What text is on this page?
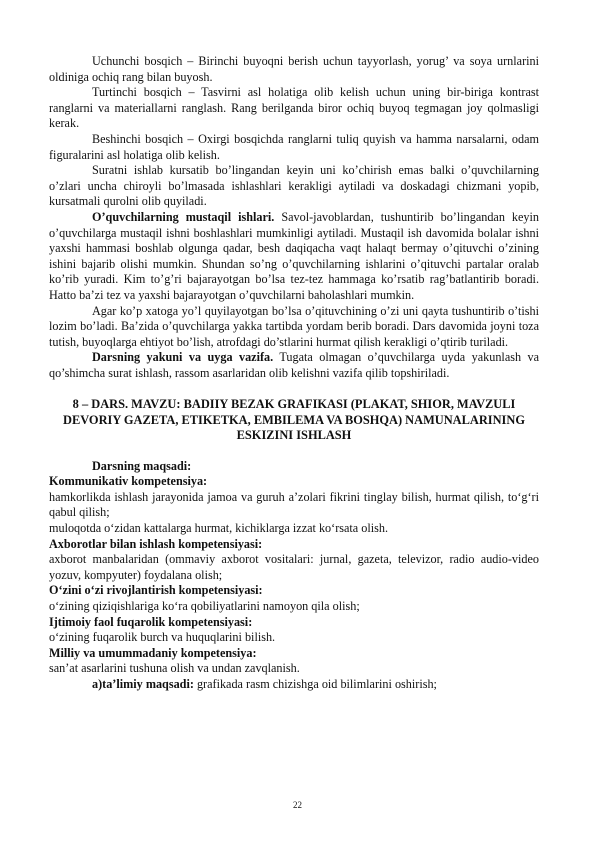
Uchunchi bosqich – Birinchi buyoqni berish uchun tayyorlash, yorug’ va soya urnlarini oldiniga ochiq rang bilan buyosh.

Turtinchi bosqich – Tasvirni asl holatiga olib kelish uchun uning bir-biriga kontrast ranglarni va materiallarni ranglash. Rang berilganda biror ochiq buyoq tegmagan joy qolmasligi kerak.

Beshinchi bosqich – Oxirgi bosqichda ranglarni tuliq quyish va hamma narsalarni, odam figuralarini asl holatiga olib kelish.

Suratni ishlab kursatib bo’lingandan keyin uni ko’chirish emas balki o’quvchilarning o’zlari uncha chiroyli bo’lmasada ishlashlari kerakligi aytiladi va doskadagi chizmani yopib, kursatmali qurolni olib quyiladi.

O’quvchilarning mustaqil ishlari. Savol-javoblardan, tushuntirib bo’lingandan keyin o’quvchilarga mustaqil ishni boshlashlari mumkinligi aytiladi. Mustaqil ish davomida bolalar ishni yaxshi hammasi boshlab olgunga qadar, besh daqiqacha vaqt halaqt bermay o’qituvchi o’zining ishini bajarib olishi mumkin. Shundan so’ng o’quvchilarning ishlarini o’qituvchi partalar oralab ko’rib yuradi. Kim to’g’ri bajarayotgan bo’lsa tez-tez hammaga ko’rsatib rag’batlantirib boradi. Hatto ba’zi tez va yaxshi bajarayotgan o’quvchilarni baholashlari mumkin.

Agar ko’p xatoga yo’l quyilayotgan bo’lsa o’qituvchining o’zi uni qayta tushuntirib o’tishi lozim bo’ladi. Ba’zida o’quvchilarga yakka tartibda yordam berib boradi. Dars davomida joyni toza tutish, buyoqlarga ehtiyot bo’lish, atrofdagi do’stlarini hurmat qilish kerakligi o’qtirib turiladi.

Darsning yakuni va uyga vazifa. Tugata olmagan o’quvchilarga uyda yakunlash va qo’shimcha surat ishlash, rassom asarlaridan olib kelishni vazifa qilib topshiriladi.

8 – DARS. MAVZU: BADIIY BEZAK GRAFIKASI (PLAKAT, SHIOR, MAVZULI DEVORIY GAZETA, ETIKETKA, EMBILEMA VA BOSHQA) NAMUNALARINING ESKIZINI ISHLASH

Darsning maqsadi:

Kommunikativ kompetensiya:

hamkorlikda ishlash jarayonida jamoa va guruh a’zolari fikrini tinglay bilish, hurmat qilish, to‘g‘ri qabul qilish;

muloqotda o‘zidan kattalarga hurmat, kichiklarga izzat ko‘rsata olish.

Axborotlar bilan ishlash kompetensiyasi:

axborot manbalaridan (ommaviy axborot vositalari: jurnal, gazeta, televizor, radio audio-video yozuv, kompyuter) foydalana olish;

O‘zini o‘zi rivojlantirish kompetensiyasi:

o‘zining qiziqishlariga ko‘ra qobiliyatlarini namoyon qila olish;

Ijtimoiy faol fuqarolik kompetensiyasi:

o‘zining fuqarolik burch va huquqlarini bilish.

Milliy va umummadaniy kompetensiya:

san’at asarlarini tushuna olish va undan zavqlanish.

a)ta’limiy maqsadi: grafikada rasm chizishga oid bilimlarini oshirish;

22
